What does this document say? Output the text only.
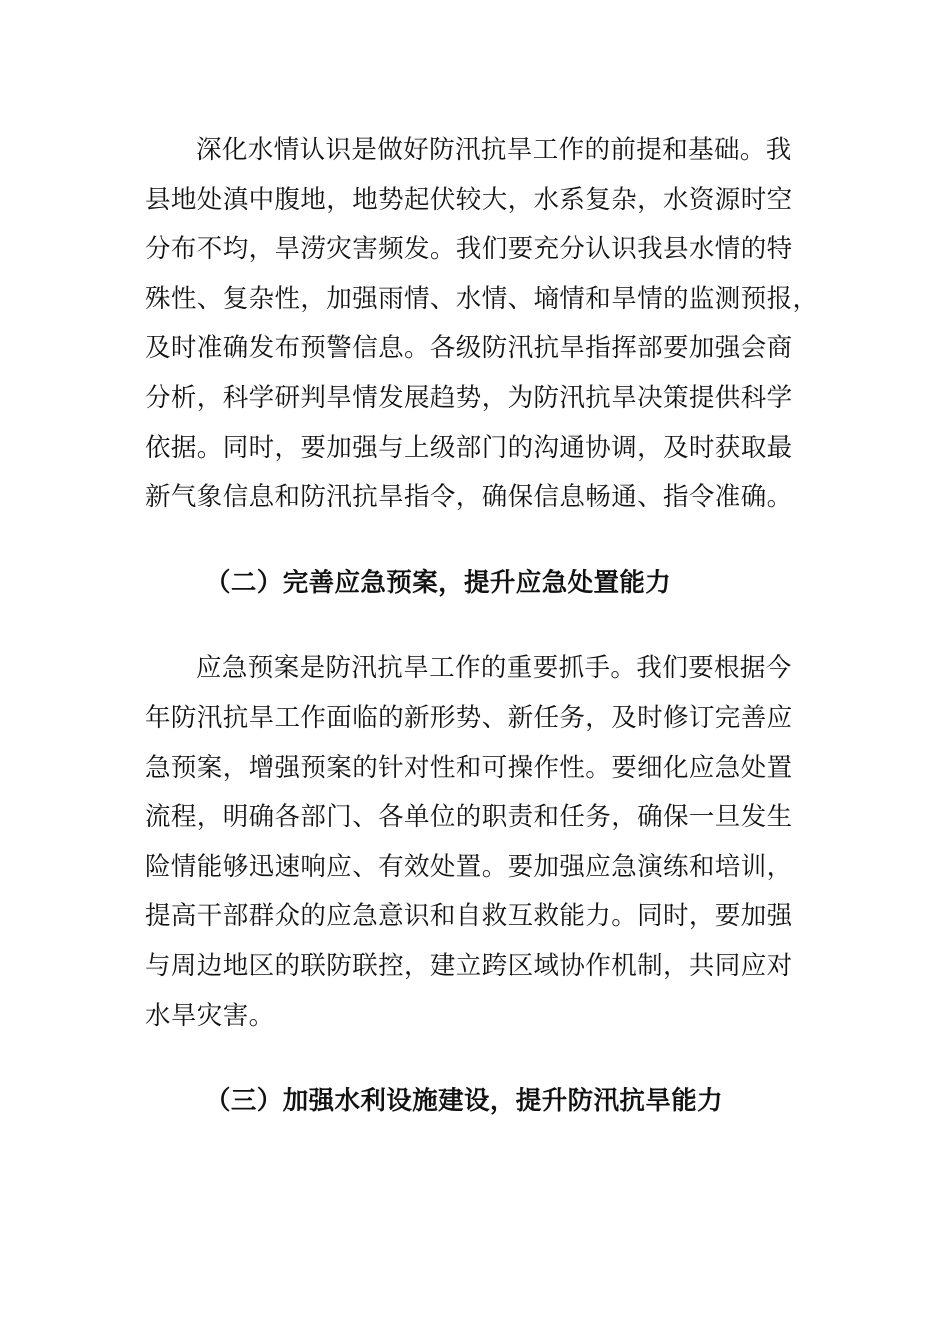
深化水情认识是做好防汛抗旱工作的前提和基础。我
县地处滇中腹地，地势起伏较大，水系复杂，水资源时空
分布不均，旱涝灾害频发。我们要充分认识我县水情的特
殊性、复杂性，加强雨情、水情、墒情和旱情的监测预报，
及时准确发布预警信息。各级防汛抗旱指挥部要加强会商
分析，科学研判旱情发展趋势，为防汛抗旱决策提供科学
依据。同时，要加强与上级部门的沟通协调，及时获取最
新气象信息和防汛抗旱指令，确保信息畅通、指令准确。
（二）完善应急预案，提升应急处置能力
应急预案是防汛抗旱工作的重要抓手。我们要根据今
年防汛抗旱工作面临的新形势、新任务，及时修订完善应
急预案，增强预案的针对性和可操作性。要细化应急处置
流程，明确各部门、各单位的职责和任务，确保一旦发生
险情能够迅速响应、有效处置。要加强应急演练和培训，
提高干部群众的应急意识和自救互救能力。同时，要加强
与周边地区的联防联控，建立跨区域协作机制，共同应对
水旱灾害。
（三）加强水利设施建设，提升防汛抗旱能力
